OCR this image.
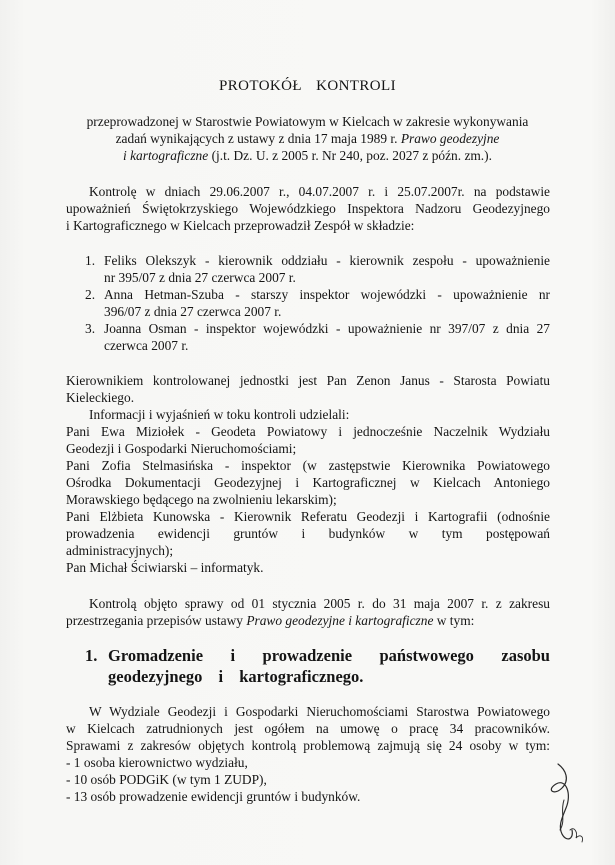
PROTOKÓŁ KONTROLI
przeprowadzonej w Starostwie Powiatowym w Kielcach w zakresie wykonywania
zadań wynikających z ustawy z dnia 17 maja 1989 r. Prawo geodezyjne
i kartograficzne (j.t. Dz. U. z 2005 r. Nr 240, poz. 2027 z późn. zm.).
Kontrolę w dniach 29.06.2007 r., 04.07.2007 r. i 25.07.2007r. na podstawie
upoważnień Świętokrzyskiego Wojewódzkiego Inspektora Nadzoru Geodezyjnego
i Kartograficznego w Kielcach przeprowadził Zespół w składzie:
1. Feliks Olekszyk - kierownik oddziału - kierownik zespołu - upoważnienie
nr 395/07 z dnia 27 czerwca 2007 r.
2. Anna Hetman-Szuba - starszy inspektor wojewódzki - upoważnienie nr
396/07 z dnia 27 czerwca 2007 r.
3. Joanna Osman - inspektor wojewódzki - upoważnienie nr 397/07 z dnia 27
czerwca 2007 r.
Kierownikiem kontrolowanej jednostki jest Pan Zenon Janus - Starosta Powiatu
Kieleckiego.
Informacji i wyjaśnień w toku kontroli udzielali:
Pani Ewa Miziołek - Geodeta Powiatowy i jednocześnie Naczelnik Wydziału
Geodezji i Gospodarki Nieruchomościami;
Pani Zofia Stelmasińska - inspektor (w zastępstwie Kierownika Powiatowego
Ośrodka Dokumentacji Geodezyjnej i Kartograficznej w Kielcach Antoniego
Morawskiego będącego na zwolnieniu lekarskim);
Pani Elżbieta Kunowska - Kierownik Referatu Geodezji i Kartografii (odnośnie
prowadzenia ewidencji gruntów i budynków w tym postępowań
administracyjnych);
Pan Michał Ściwiarski – informatyk.
Kontrolą objęto sprawy od 01 stycznia 2005 r. do 31 maja 2007 r. z zakresu
przestrzegania przepisów ustawy Prawo geodezyjne i kartograficzne w tym:
1. Gromadzenie i prowadzenie państwowego zasobu
geodezyjnego i kartograficznego.
W Wydziale Geodezji i Gospodarki Nieruchomościami Starostwa Powiatowego
w Kielcach zatrudnionych jest ogółem na umowę o pracę 34 pracowników.
Sprawami z zakresów objętych kontrolą problemową zajmują się 24 osoby w tym:
- 1 osoba kierownictwo wydziału,
- 10 osób PODGiK (w tym 1 ZUDP),
- 13 osób prowadzenie ewidencji gruntów i budynków.
